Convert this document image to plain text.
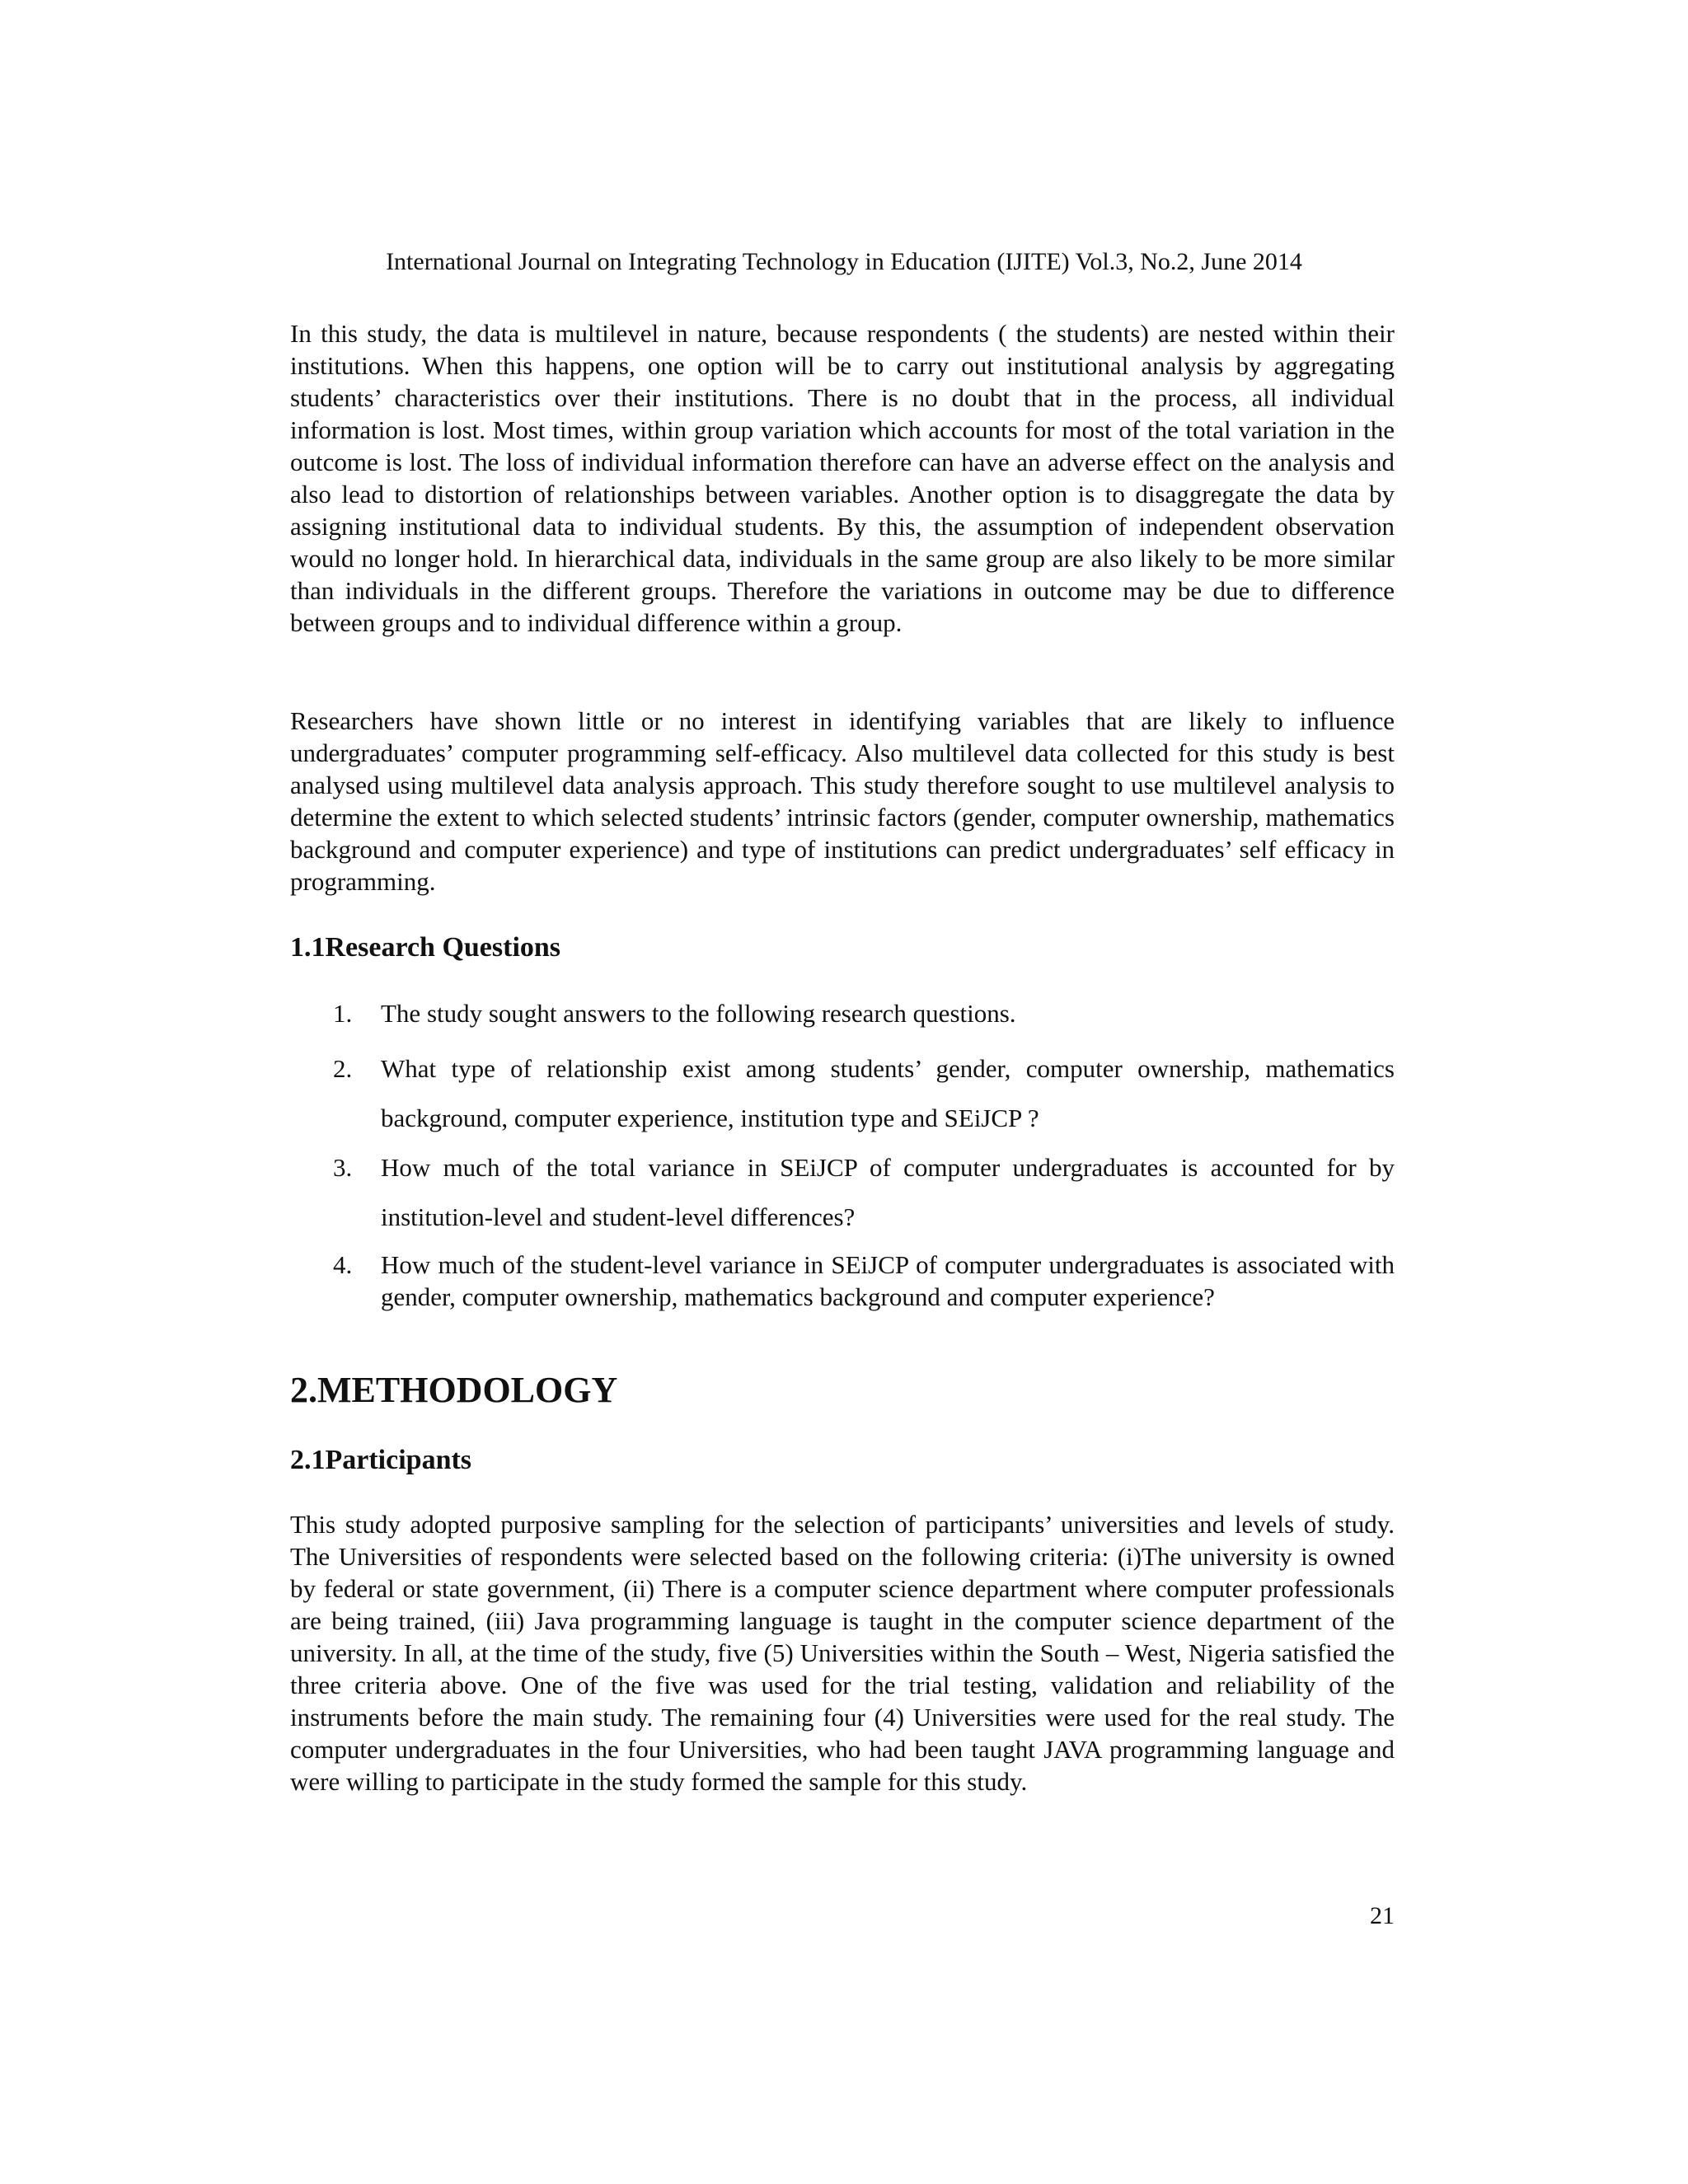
International Journal on Integrating Technology in Education (IJITE) Vol.3, No.2, June 2014

In this study, the data is multilevel in nature, because respondents ( the students) are nested within their institutions. When this happens, one option will be to carry out institutional analysis by aggregating students’ characteristics over their institutions. There is no doubt that in the process, all individual information is lost. Most times, within group variation which accounts for most of the total variation in the outcome is lost. The loss of individual information therefore can have an adverse effect on the analysis and also lead to distortion of relationships between variables. Another option is to disaggregate the data by assigning institutional data to individual students. By this, the assumption of independent observation would no longer hold. In hierarchical data, individuals in the same group are also likely to be more similar than individuals in the different groups. Therefore the variations in outcome may be due to difference between groups and to individual difference within a group.

Researchers have shown little or no interest in identifying variables that are likely to influence undergraduates’ computer programming self-efficacy. Also multilevel data collected for this study is best analysed using multilevel data analysis approach. This study therefore sought to use multilevel analysis to determine the extent to which selected students’ intrinsic factors (gender, computer ownership, mathematics background and computer experience) and type of institutions can predict undergraduates’ self efficacy in programming.

1.1Research Questions
1. The study sought answers to the following research questions.
2. What type of relationship exist among students’ gender, computer ownership, mathematics background, computer experience, institution type and SEiJCP ?
3. How much of the total variance in SEiJCP of computer undergraduates is accounted for by institution-level and student-level differences?
4. How much of the student-level variance in SEiJCP of computer undergraduates is associated with gender, computer ownership, mathematics background and computer experience?
2.METHODOLOGY
2.1Participants

This study adopted purposive sampling for the selection of participants’ universities and levels of study. The Universities of respondents were selected based on the following criteria: (i)The university is owned by federal or state government, (ii) There is a computer science department where computer professionals are being trained, (iii) Java programming language is taught in the computer science department of the university. In all, at the time of the study, five (5) Universities within the South – West, Nigeria satisfied the three criteria above. One of the five was used for the trial testing, validation and reliability of the instruments before the main study. The remaining four (4) Universities were used for the real study. The computer undergraduates in the four Universities, who had been taught JAVA programming language and were willing to participate in the study formed the sample for this study.

21
